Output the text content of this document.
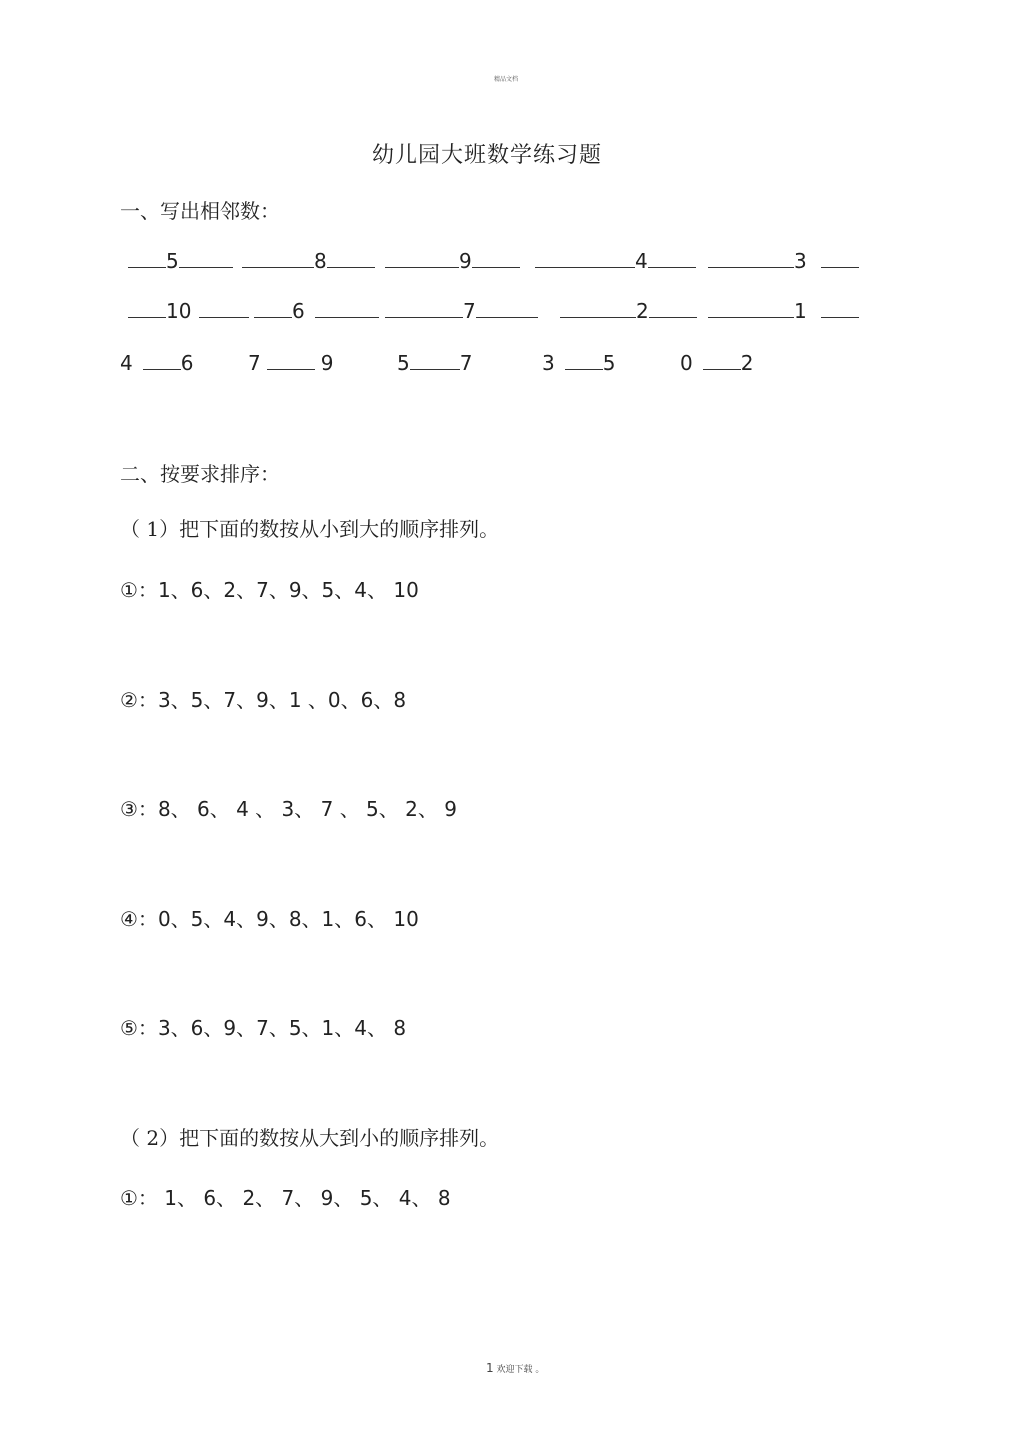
精品文档
幼儿园大班数学练习题
一、写出相邻数：
5	8	9	4	3
10	6	7	2	1
4 6	7	9	5	7	3 5	0 2
二、按要求排序：
（ 1）把下面的数按从小到大的顺序排列。
①：1、6、2、7、9、5、4、 10
②：3、5、7、9、1 、0、6、8
③：8、 6、 4 、 3、 7 、 5、 2、 9
④：0、5、4、9、8、1、6、 10
⑤：3、6、9、7、5、1、4、 8
（ 2）把下面的数按从大到小的顺序排列。
①： 1、 6、 2、 7、 9、 5、 4、 8
1 欢迎下载 。
